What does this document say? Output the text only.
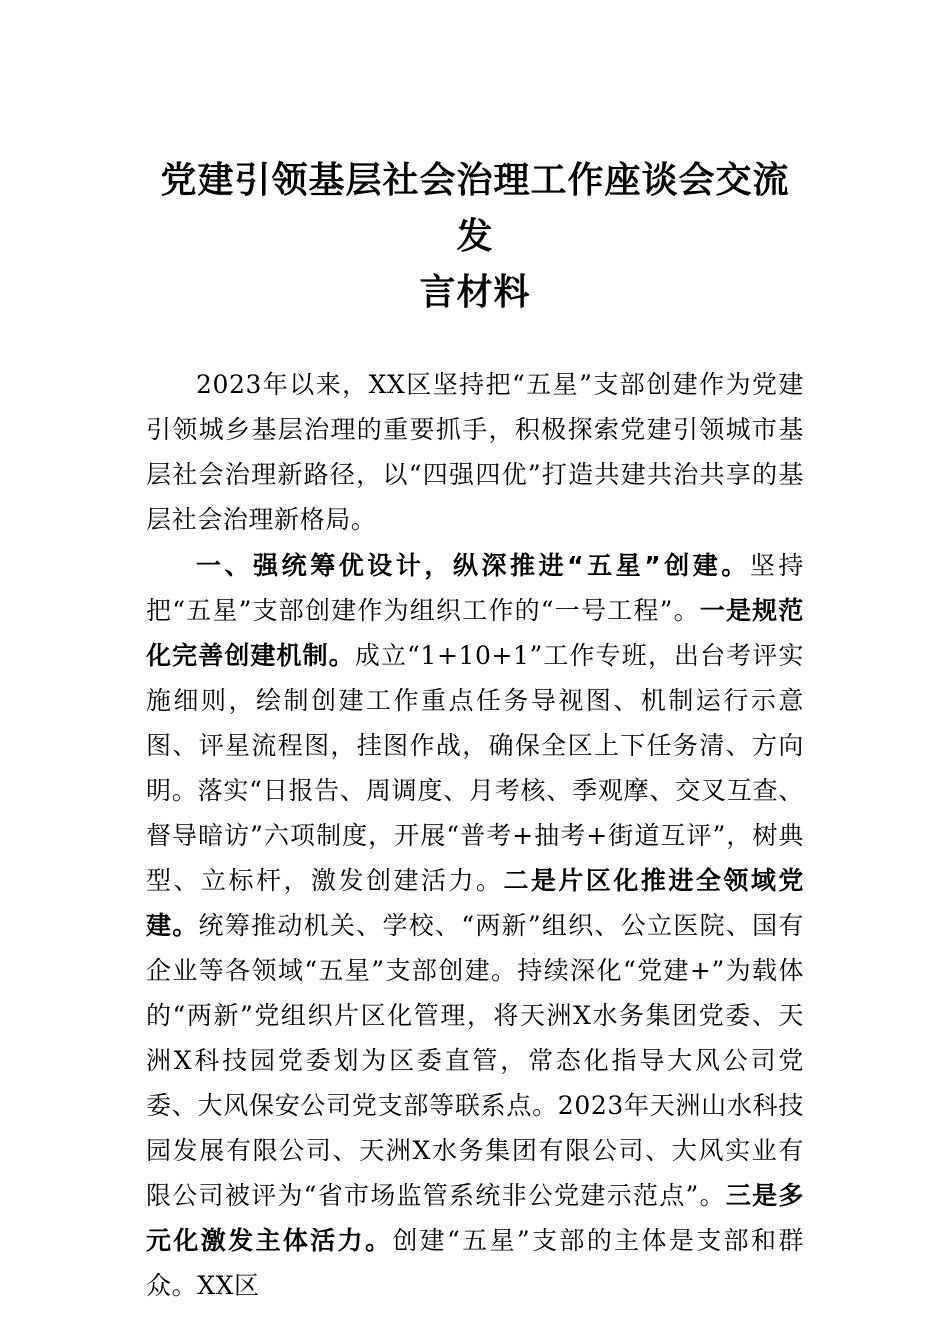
党建引领基层社会治理工作座谈会交流发
言材料

2023年以来，XX区坚持把“五星”支部创建作为党建引领城乡基层治理的重要抓手，积极探索党建引领城市基层社会治理新路径，以“四强四优”打造共建共治共享的基层社会治理新格局。

一、强统筹优设计，纵深推进“五星”创建。坚持把“五星”支部创建作为组织工作的“一号工程”。一是规范化完善创建机制。成立“1+10+1”工作专班，出台考评实施细则，绘制创建工作重点任务导视图、机制运行示意图、评星流程图，挂图作战，确保全区上下任务清、方向明。落实“日报告、周调度、月考核、季观摩、交叉互查、督导暗访”六项制度，开展“普考+抽考+街道互评”，树典型、立标杆，激发创建活力。二是片区化推进全领域党建。统筹推动机关、学校、“两新”组织、公立医院、国有企业等各领域“五星”支部创建。持续深化“党建+”为载体的“两新”党组织片区化管理，将天洲X水务集团党委、天洲X科技园党委划为区委直管，常态化指导大风公司党委、大风保安公司党支部等联系点。2023年天洲山水科技园发展有限公司、天洲X水务集团有限公司、大风实业有限公司被评为“省市场监管系统非公党建示范点”。三是多元化激发主体活力。创建“五星”支部的主体是支部和群众。XX区
